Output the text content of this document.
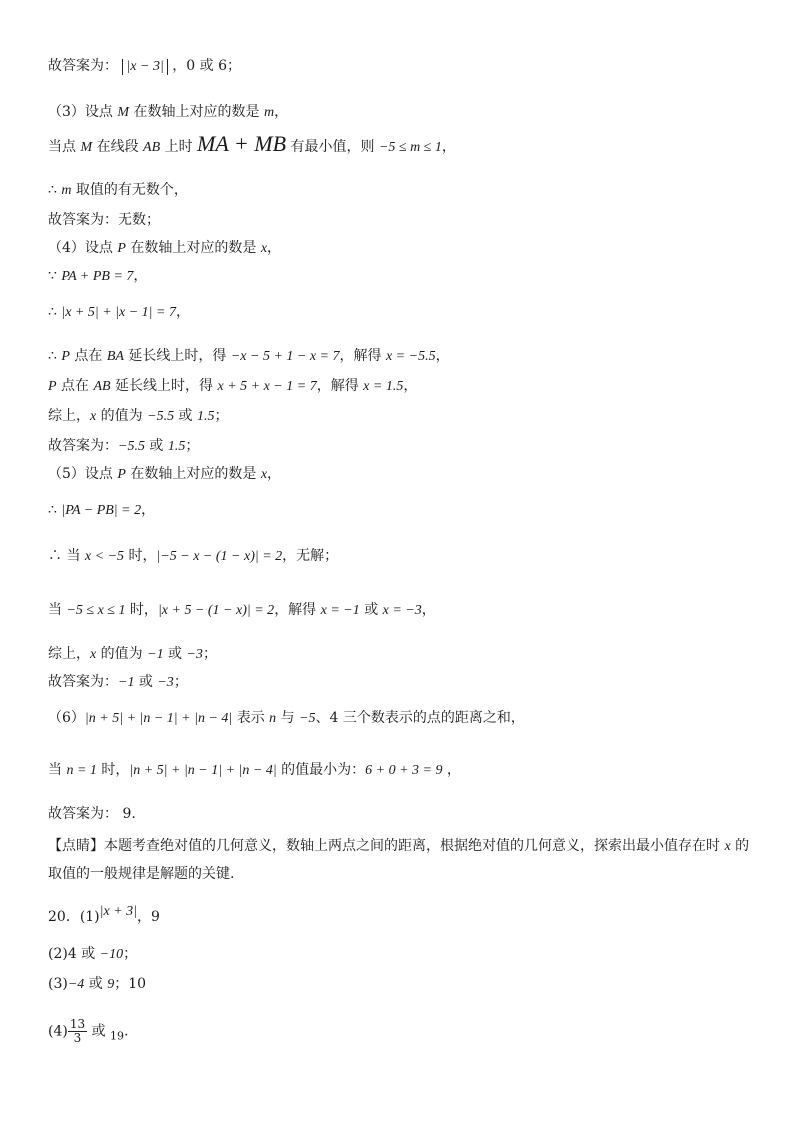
故答案为： |x − 3| ，0 或 6；
（3）设点 M 在数轴上对应的数是 m，
当点 M 在线段 AB 上时 MA + MB 有最小值，则 −5 ≤ m ≤ 1，
∴ m 取值的有无数个，
故答案为：无数；
（4）设点 P 在数轴上对应的数是 x，
∵ PA + PB = 7，
∴ |x + 5| + |x − 1| = 7，
∴ P 点在 BA 延长线上时，得 −x − 5 + 1 − x = 7，解得 x = −5.5，
P 点在 AB 延长线上时，得 x + 5 + x − 1 = 7，解得 x = 1.5，
综上，x 的值为 −5.5 或 1.5；
故答案为：−5.5 或 1.5；
（5）设点 P 在数轴上对应的数是 x，
∴ |PA − PB| = 2，
∴ 当 x < −5 时，|−5 − x − (1 − x)| = 2，无解；
当 −5 ≤ x ≤ 1 时，|x + 5 − (1 − x)| = 2，解得 x = −1 或 x = −3，
综上，x 的值为 −1 或 −3；
故答案为：−1 或 −3；
（6）|n + 5| + |n − 1| + |n − 4| 表示 n 与 −5、4 三个数表示的点的距离之和，
当 n = 1 时，|n + 5| + |n − 1| + |n − 4| 的值最小为：6 + 0 + 3 = 9 ，
故答案为： 9.
【点睛】本题考查绝对值的几何意义，数轴上两点之间的距离，根据绝对值的几何意义，探索出最小值存在时 x 的
取值的一般规律是解题的关键.
20．(1)|x + 3|，9
(2)4 或 −10；
(3)−4 或 9；10
$(4) \frac{13}{3}$ 或 $_{19}$.
